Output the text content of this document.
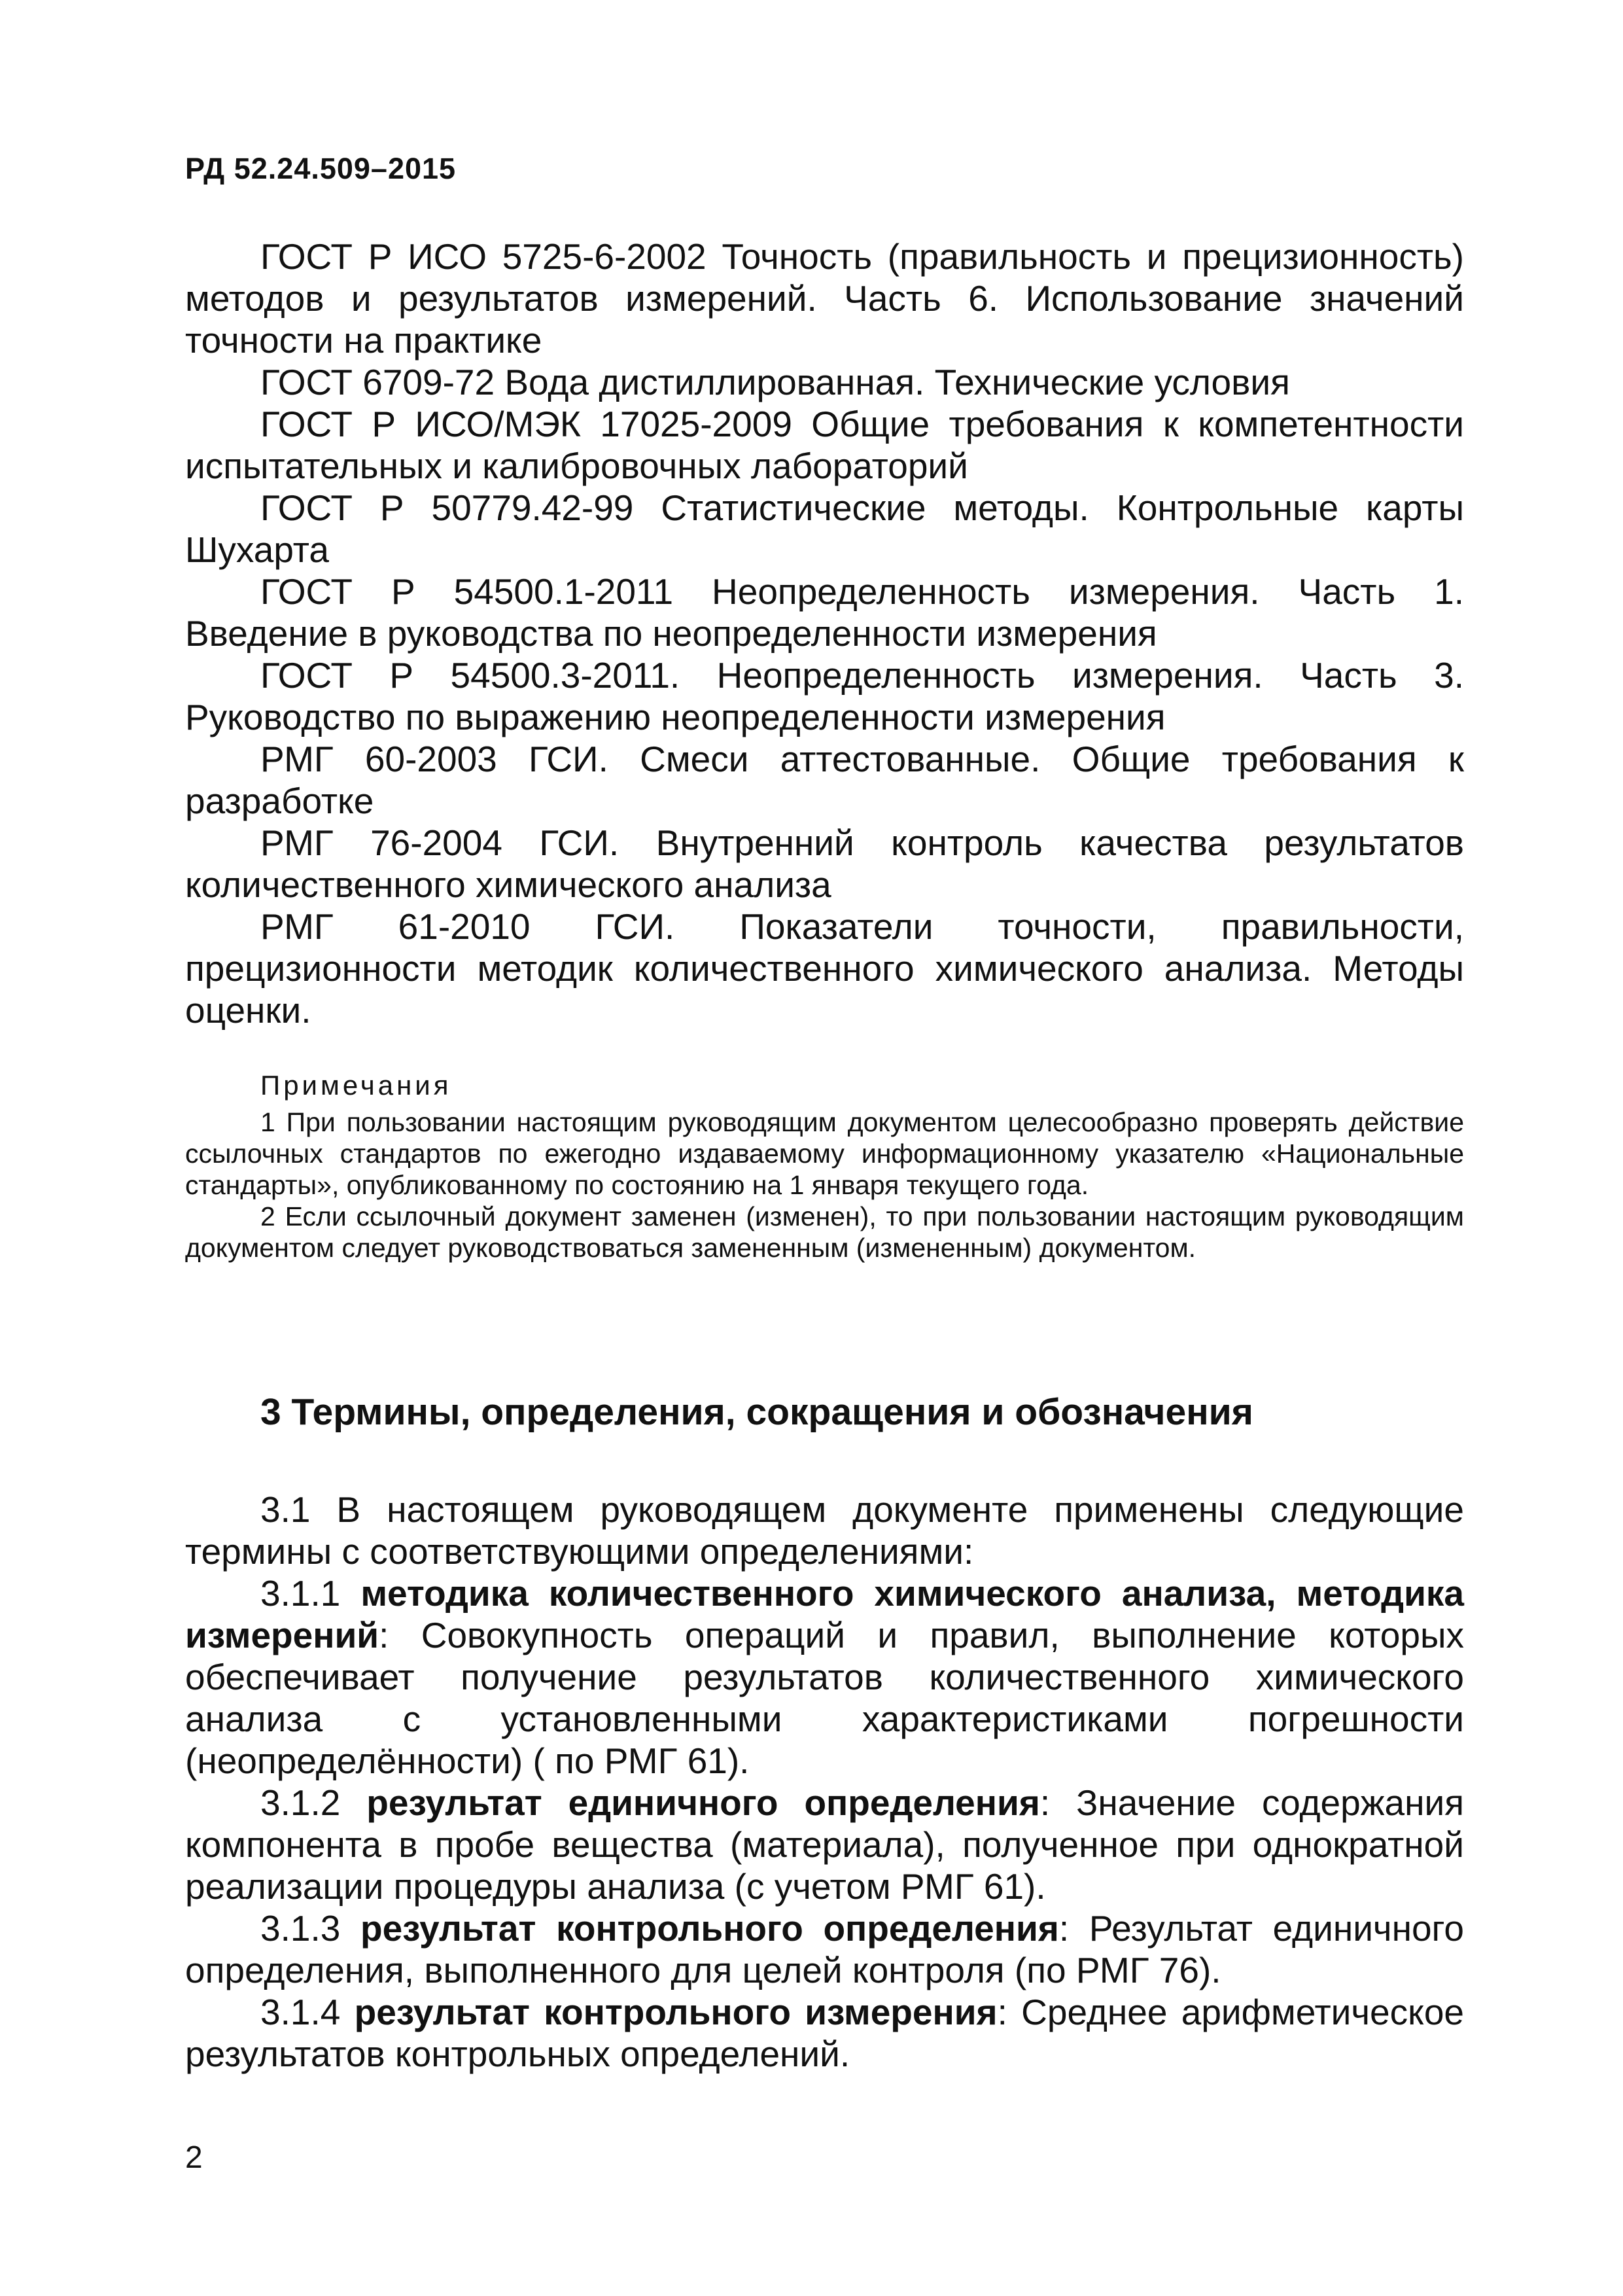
РД 52.24.509–2015

ГОСТ Р ИСО 5725-6-2002 Точность (правильность и прецизионность) методов и результатов измерений. Часть 6. Использование значений точности на практике

ГОСТ 6709-72 Вода дистиллированная. Технические условия

ГОСТ Р ИСО/МЭК 17025-2009 Общие требования к компетентности испытательных и калибровочных лабораторий

ГОСТ Р 50779.42-99 Статистические методы. Контрольные карты Шухарта

ГОСТ Р 54500.1-2011 Неопределенность измерения. Часть 1. Введение в руководства по неопределенности измерения

ГОСТ Р 54500.3-2011. Неопределенность измерения. Часть 3. Руководство по выражению неопределенности измерения

РМГ 60-2003 ГСИ. Смеси аттестованные. Общие требования к разработке

РМГ 76-2004 ГСИ. Внутренний контроль качества результатов количественного химического анализа

РМГ 61-2010 ГСИ. Показатели точности, правильности, прецизионности методик количественного химического анализа. Методы оценки.

Примечания

1 При пользовании настоящим руководящим документом целесообразно проверять действие ссылочных стандартов по ежегодно издаваемому информационному указателю «Национальные стандарты», опубликованному по состоянию на 1 января текущего года.

2 Если ссылочный документ заменен (изменен), то при пользовании настоящим руководящим документом следует руководствоваться замененным (измененным) документом.

3 Термины, определения, сокращения и обозначения

3.1 В настоящем руководящем документе применены следующие термины с соответствующими определениями:

3.1.1 методика количественного химического анализа, методика измерений: Совокупность операций и правил, выполнение которых обеспечивает получение результатов количественного химического анализа с установленными характеристиками погрешности (неопределённости) ( по РМГ 61).

3.1.2 результат единичного определения: Значение содержания компонента в пробе вещества (материала), полученное при однократной реализации процедуры анализа (с учетом РМГ 61).

3.1.3 результат контрольного определения: Результат единичного определения, выполненного для целей контроля (по РМГ 76).

3.1.4 результат контрольного измерения: Среднее арифметическое результатов контрольных определений.

2
